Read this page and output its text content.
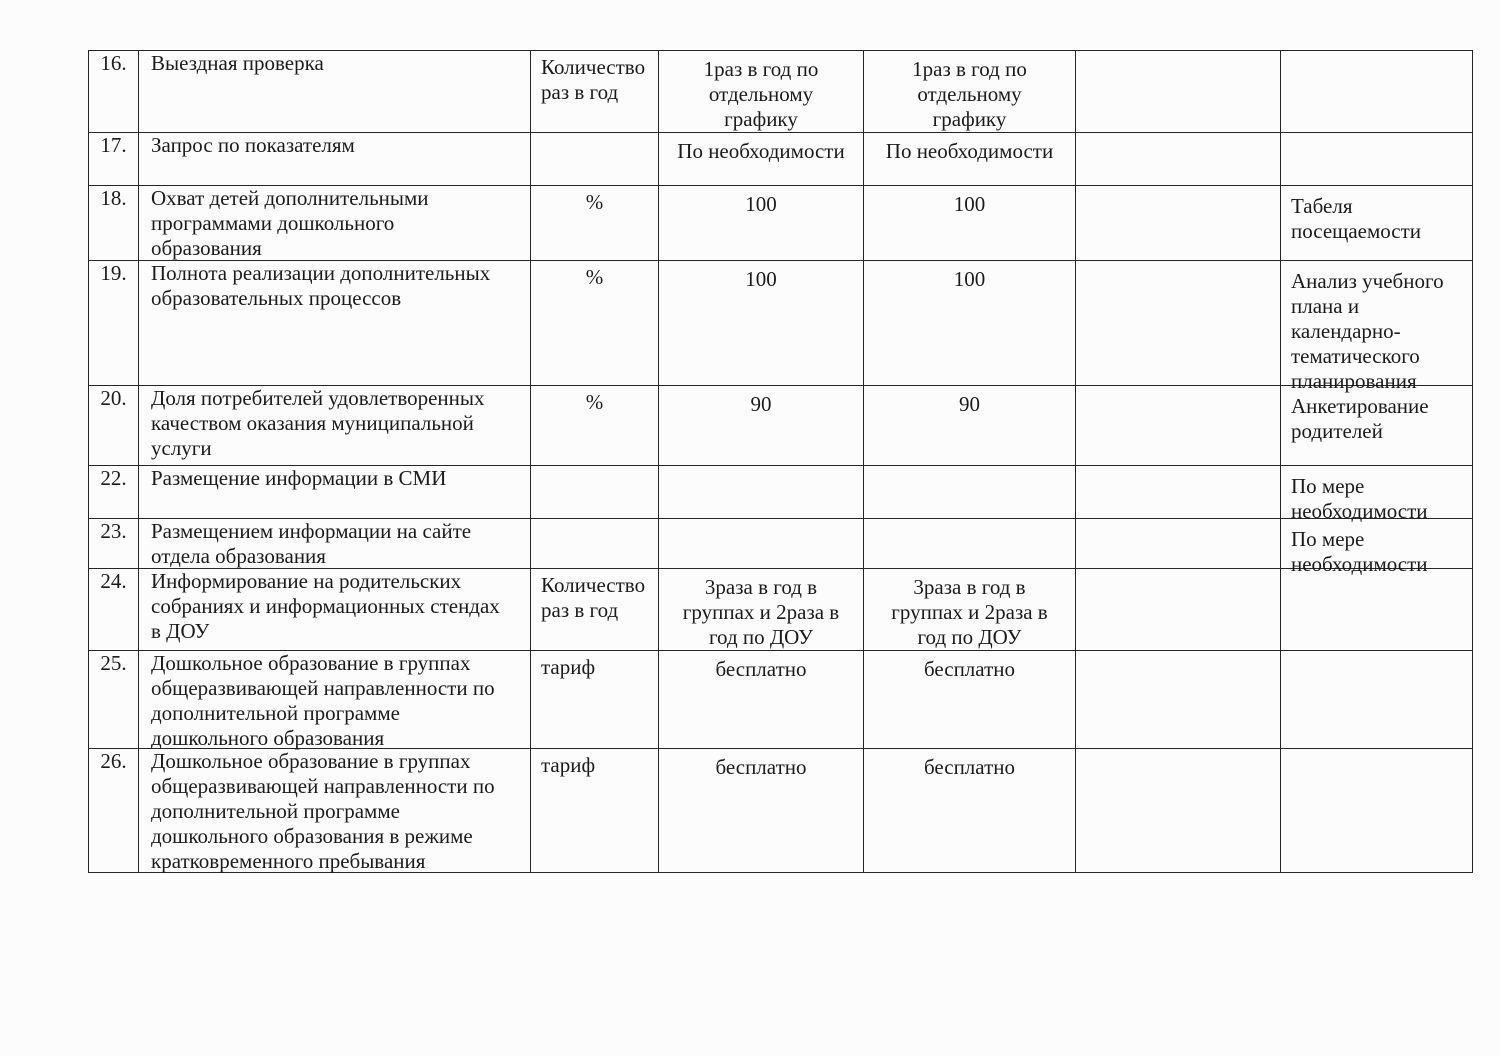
16.	Выездная проверка	Количество
раз в год	1раз в год по
отдельному
графику	1раз в год по
отдельному
графику		

17.	Запрос по показателям		По необходимости	По необходимости		

18.	Охват детей дополнительными
программами дошкольного
образования	%	100	100		Табеля
посещаемости

19.	Полнота реализации дополнительных
образовательных процессов	%	100	100		Анализ учебного
плана и
календарно-тематического
планирования

20.	Доля потребителей удовлетворенных
качеством оказания муниципальной
услуги	%	90	90		Анкетирование
родителей

22.	Размещение информации в СМИ					По мере
необходимости

23.	Размещением информации на сайте
отдела образования					По мере
необходимости

24.	Информирование на родительских
собраниях и информационных стендах
в ДОУ	Количество
раз в год	3раза в год в
группах и 2раза в
год по ДОУ	3раза в год в
группах и 2раза в
год по ДОУ		

25.	Дошкольное образование в группах
общеразвивающей направленности по
дополнительной программе
дошкольного образования	тариф	бесплатно	бесплатно		

26.	Дошкольное образование в группах
общеразвивающей направленности по
дополнительной программе
дошкольного образования в режиме
кратковременного пребывания	тариф	бесплатно	бесплатно		
